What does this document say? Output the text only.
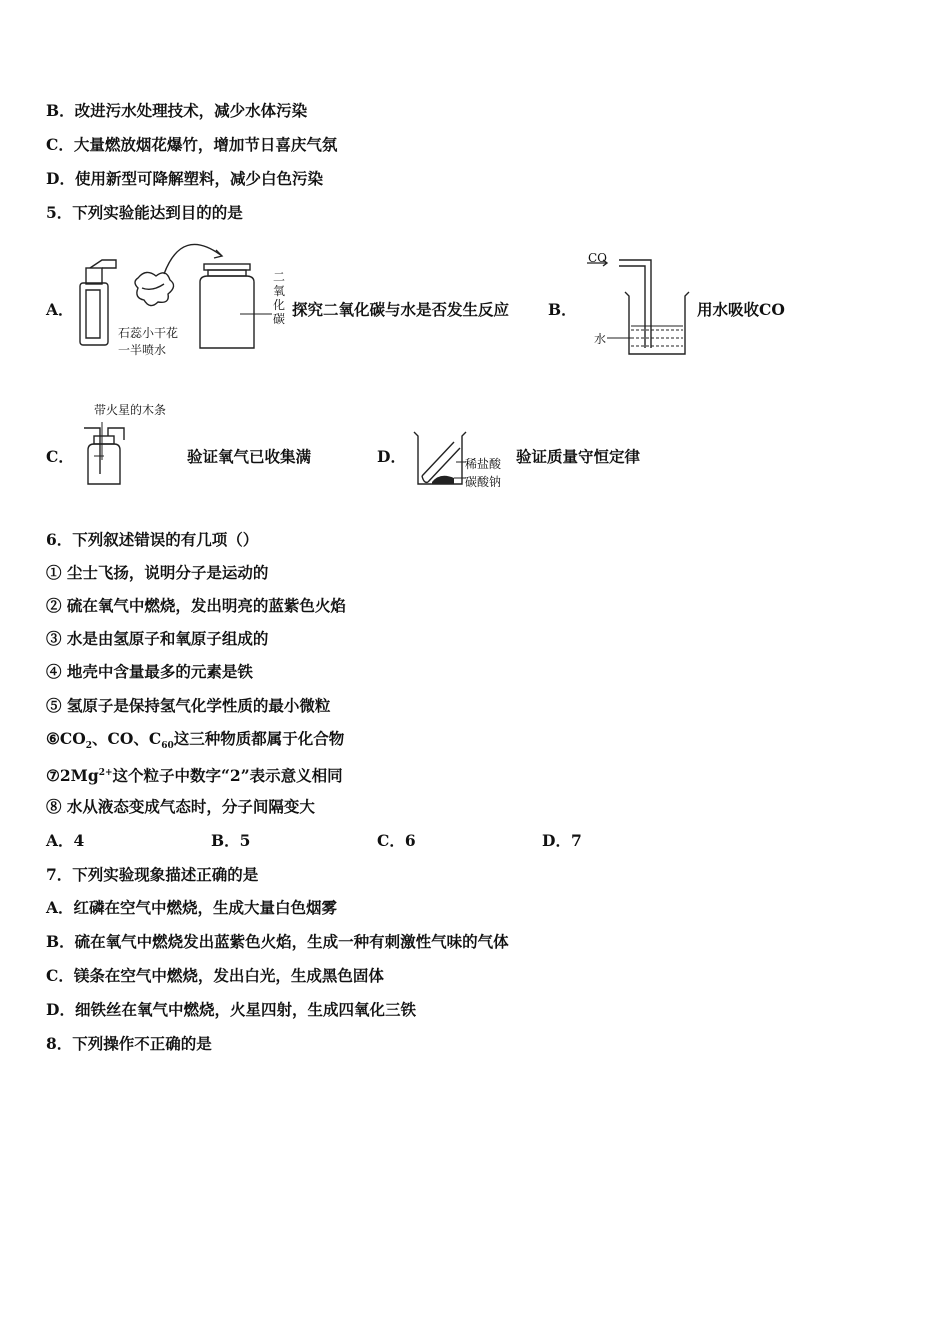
B．改进污水处理技术，减少水体污染
C．大量燃放烟花爆竹，增加节日喜庆气氛
D．使用新型可降解塑料，减少白色污染
5．下列实验能达到目的的是
A．
石蕊小干花
一半喷水
二
氧
化
碳 探究二氧化碳与水是否发生反应	B．
CO
水
用水吸收CO
C．
带火星的木条
验证氧气已收集满	D．	稀盐酸
碳酸钠
验证质量守恒定律
6．下列叙述错误的有几项（）
① 尘士飞扬，说明分子是运动的
② 硫在氧气中燃烧，发出明亮的蓝紫色火焰
③ 水是由氢原子和氧原子组成的
④ 地壳中含量最多的元素是铁
⑤ 氢原子是保持氢气化学性质的最小微粒
$⑥CO_2$、CO、$C_{60}$这三种物质都属于化合物
$⑦2Mg^{2+}$这个粒子中数字“2”表示意义相同
⑧ 水从液态变成气态时，分子间隔变大
A．4	B．5	C．6	D．7
7．下列实验现象描述正确的是
A．红磷在空气中燃烧，生成大量白色烟雾
B．硫在氧气中燃烧发出蓝紫色火焰，生成一种有刺激性气味的气体
C．镁条在空气中燃烧，发出白光，生成黑色固体
D．细铁丝在氧气中燃烧，火星四射，生成四氧化三铁
8．下列操作不正确的是
